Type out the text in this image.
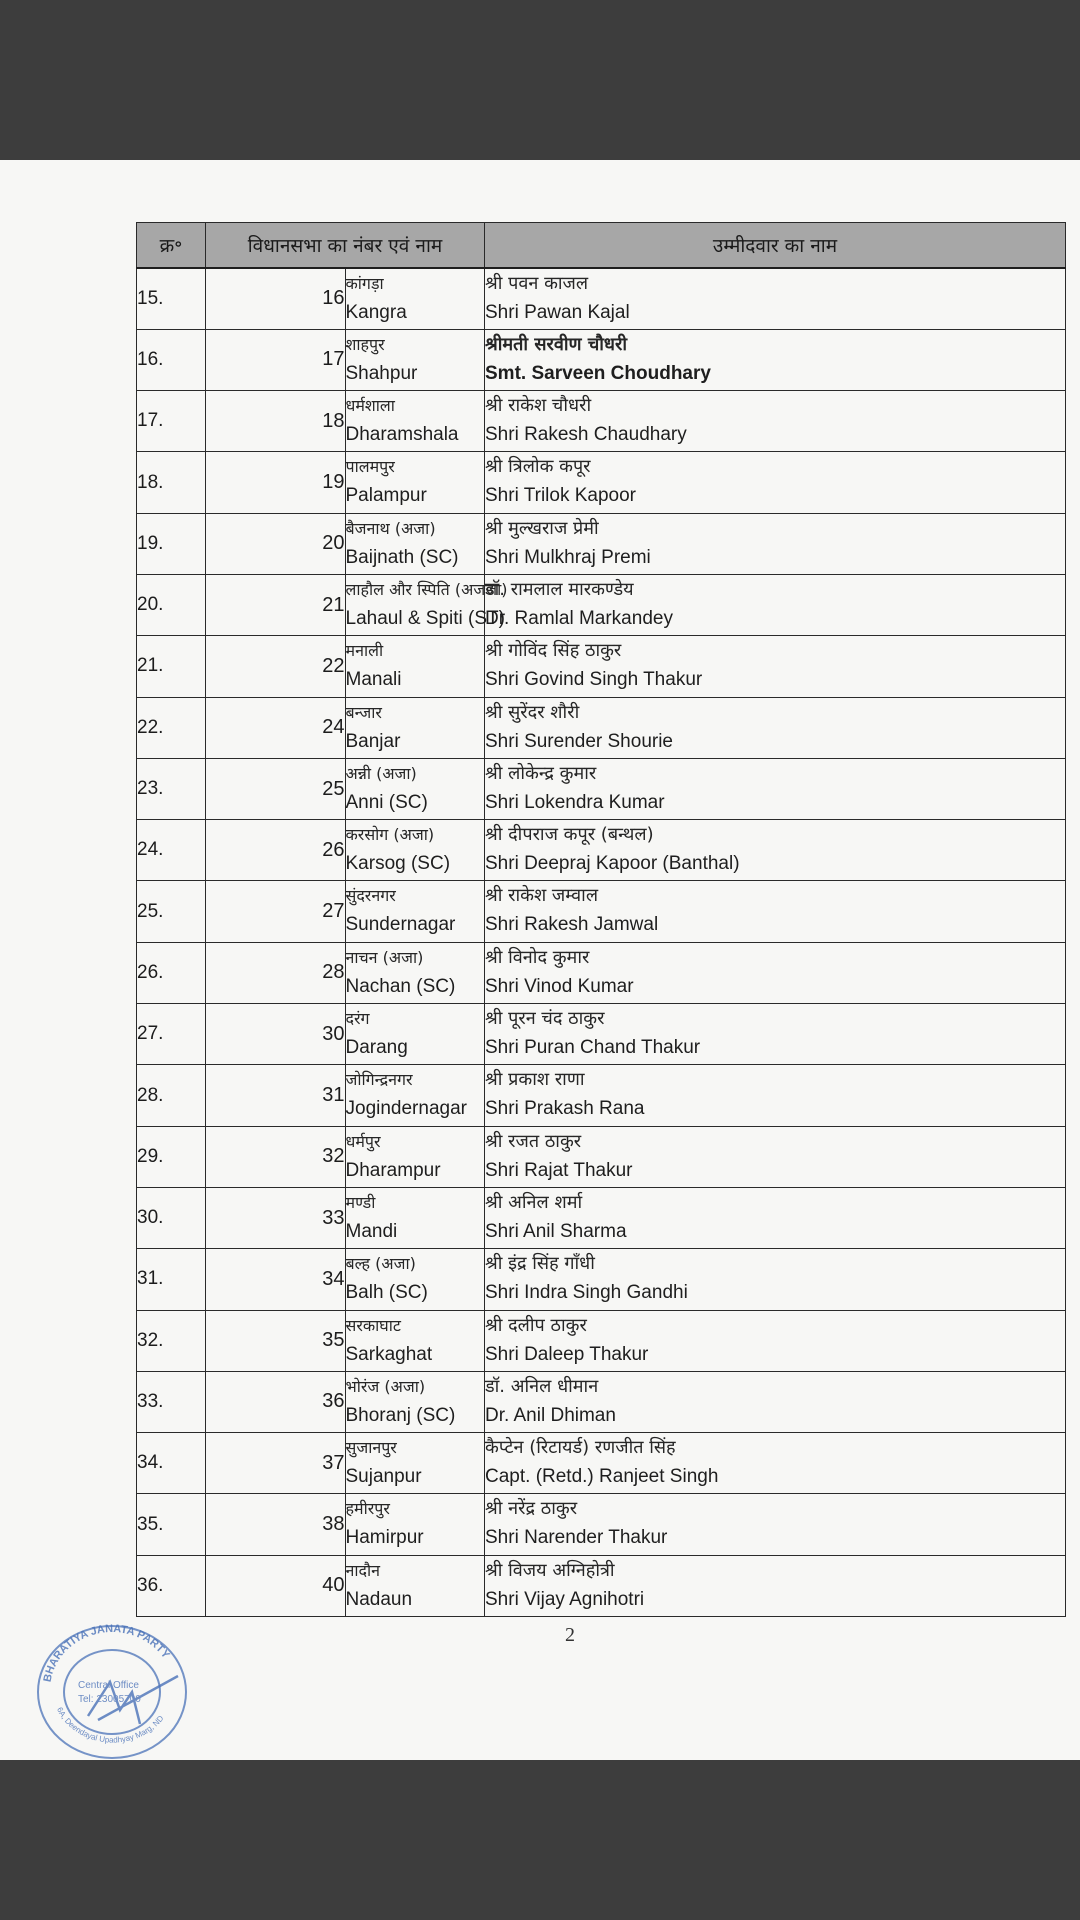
क्र॰	विधानसभा का नंबर एवं नाम		उम्मीदवार का नाम
15.	16	कांगड़ा
Kangra	श्री पवन काजल
Shri Pawan Kajal

16.	17	शाहपुर
Shahpur	श्रीमती सरवीण चौधरी
Smt. Sarveen Choudhary

17.	18	धर्मशाला
Dharamshala	श्री राकेश चौधरी
Shri Rakesh Chaudhary

18.	19	पालमपुर
Palampur	श्री त्रिलोक कपूर
Shri Trilok Kapoor

19.	20	बैजनाथ (अजा)
Baijnath (SC)	श्री मुल्खराज प्रेमी
Shri Mulkhraj Premi

20.	21	लाहौल और स्पिति (अजजा)
Lahaul & Spiti (ST)	डॉ. रामलाल मारकण्डेय
Dr. Ramlal Markandey

21.	22	मनाली
Manali	श्री गोविंद सिंह ठाकुर
Shri Govind Singh Thakur

22.	24	बन्जार
Banjar	श्री सुरेंदर शौरी
Shri Surender Shourie

23.	25	अन्नी (अजा)
Anni (SC)	श्री लोकेन्द्र कुमार
Shri Lokendra Kumar

24.	26	करसोग (अजा)
Karsog (SC)	श्री दीपराज कपूर (बन्थल)
Shri Deepraj Kapoor (Banthal)

25.	27	सुंदरनगर
Sundernagar	श्री राकेश जम्वाल
Shri Rakesh Jamwal

26.	28	नाचन (अजा)
Nachan (SC)	श्री विनोद कुमार
Shri Vinod Kumar

27.	30	दरंग
Darang	श्री पूरन चंद ठाकुर
Shri Puran Chand Thakur

28.	31	जोगिन्द्रनगर
Jogindernagar	श्री प्रकाश राणा
Shri Prakash Rana

29.	32	धर्मपुर
Dharampur	श्री रजत ठाकुर
Shri Rajat Thakur

30.	33	मण्डी
Mandi	श्री अनिल शर्मा
Shri Anil Sharma

31.	34	बल्ह (अजा)
Balh (SC)	श्री इंद्र सिंह गाँधी
Shri Indra Singh Gandhi

32.	35	सरकाघाट
Sarkaghat	श्री दलीप ठाकुर
Shri Daleep Thakur

33.	36	भोरंज (अजा)
Bhoranj (SC)	डॉ. अनिल धीमान
Dr. Anil Dhiman

34.	37	सुजानपुर
Sujanpur	कैप्टेन (रिटायर्ड) रणजीत सिंह
Capt. (Retd.) Ranjeet Singh

35.	38	हमीरपुर
Hamirpur	श्री नरेंद्र ठाकुर
Shri Narender Thakur

36.	40	नादौन
Nadaun	श्री विजय अग्निहोत्री
Shri Vijay Agnihotri
2
BHARATIYA JANATA PARTY
Central Office
Tel: 23005700
6A, Deendayal Upadhyay Marg, ND
